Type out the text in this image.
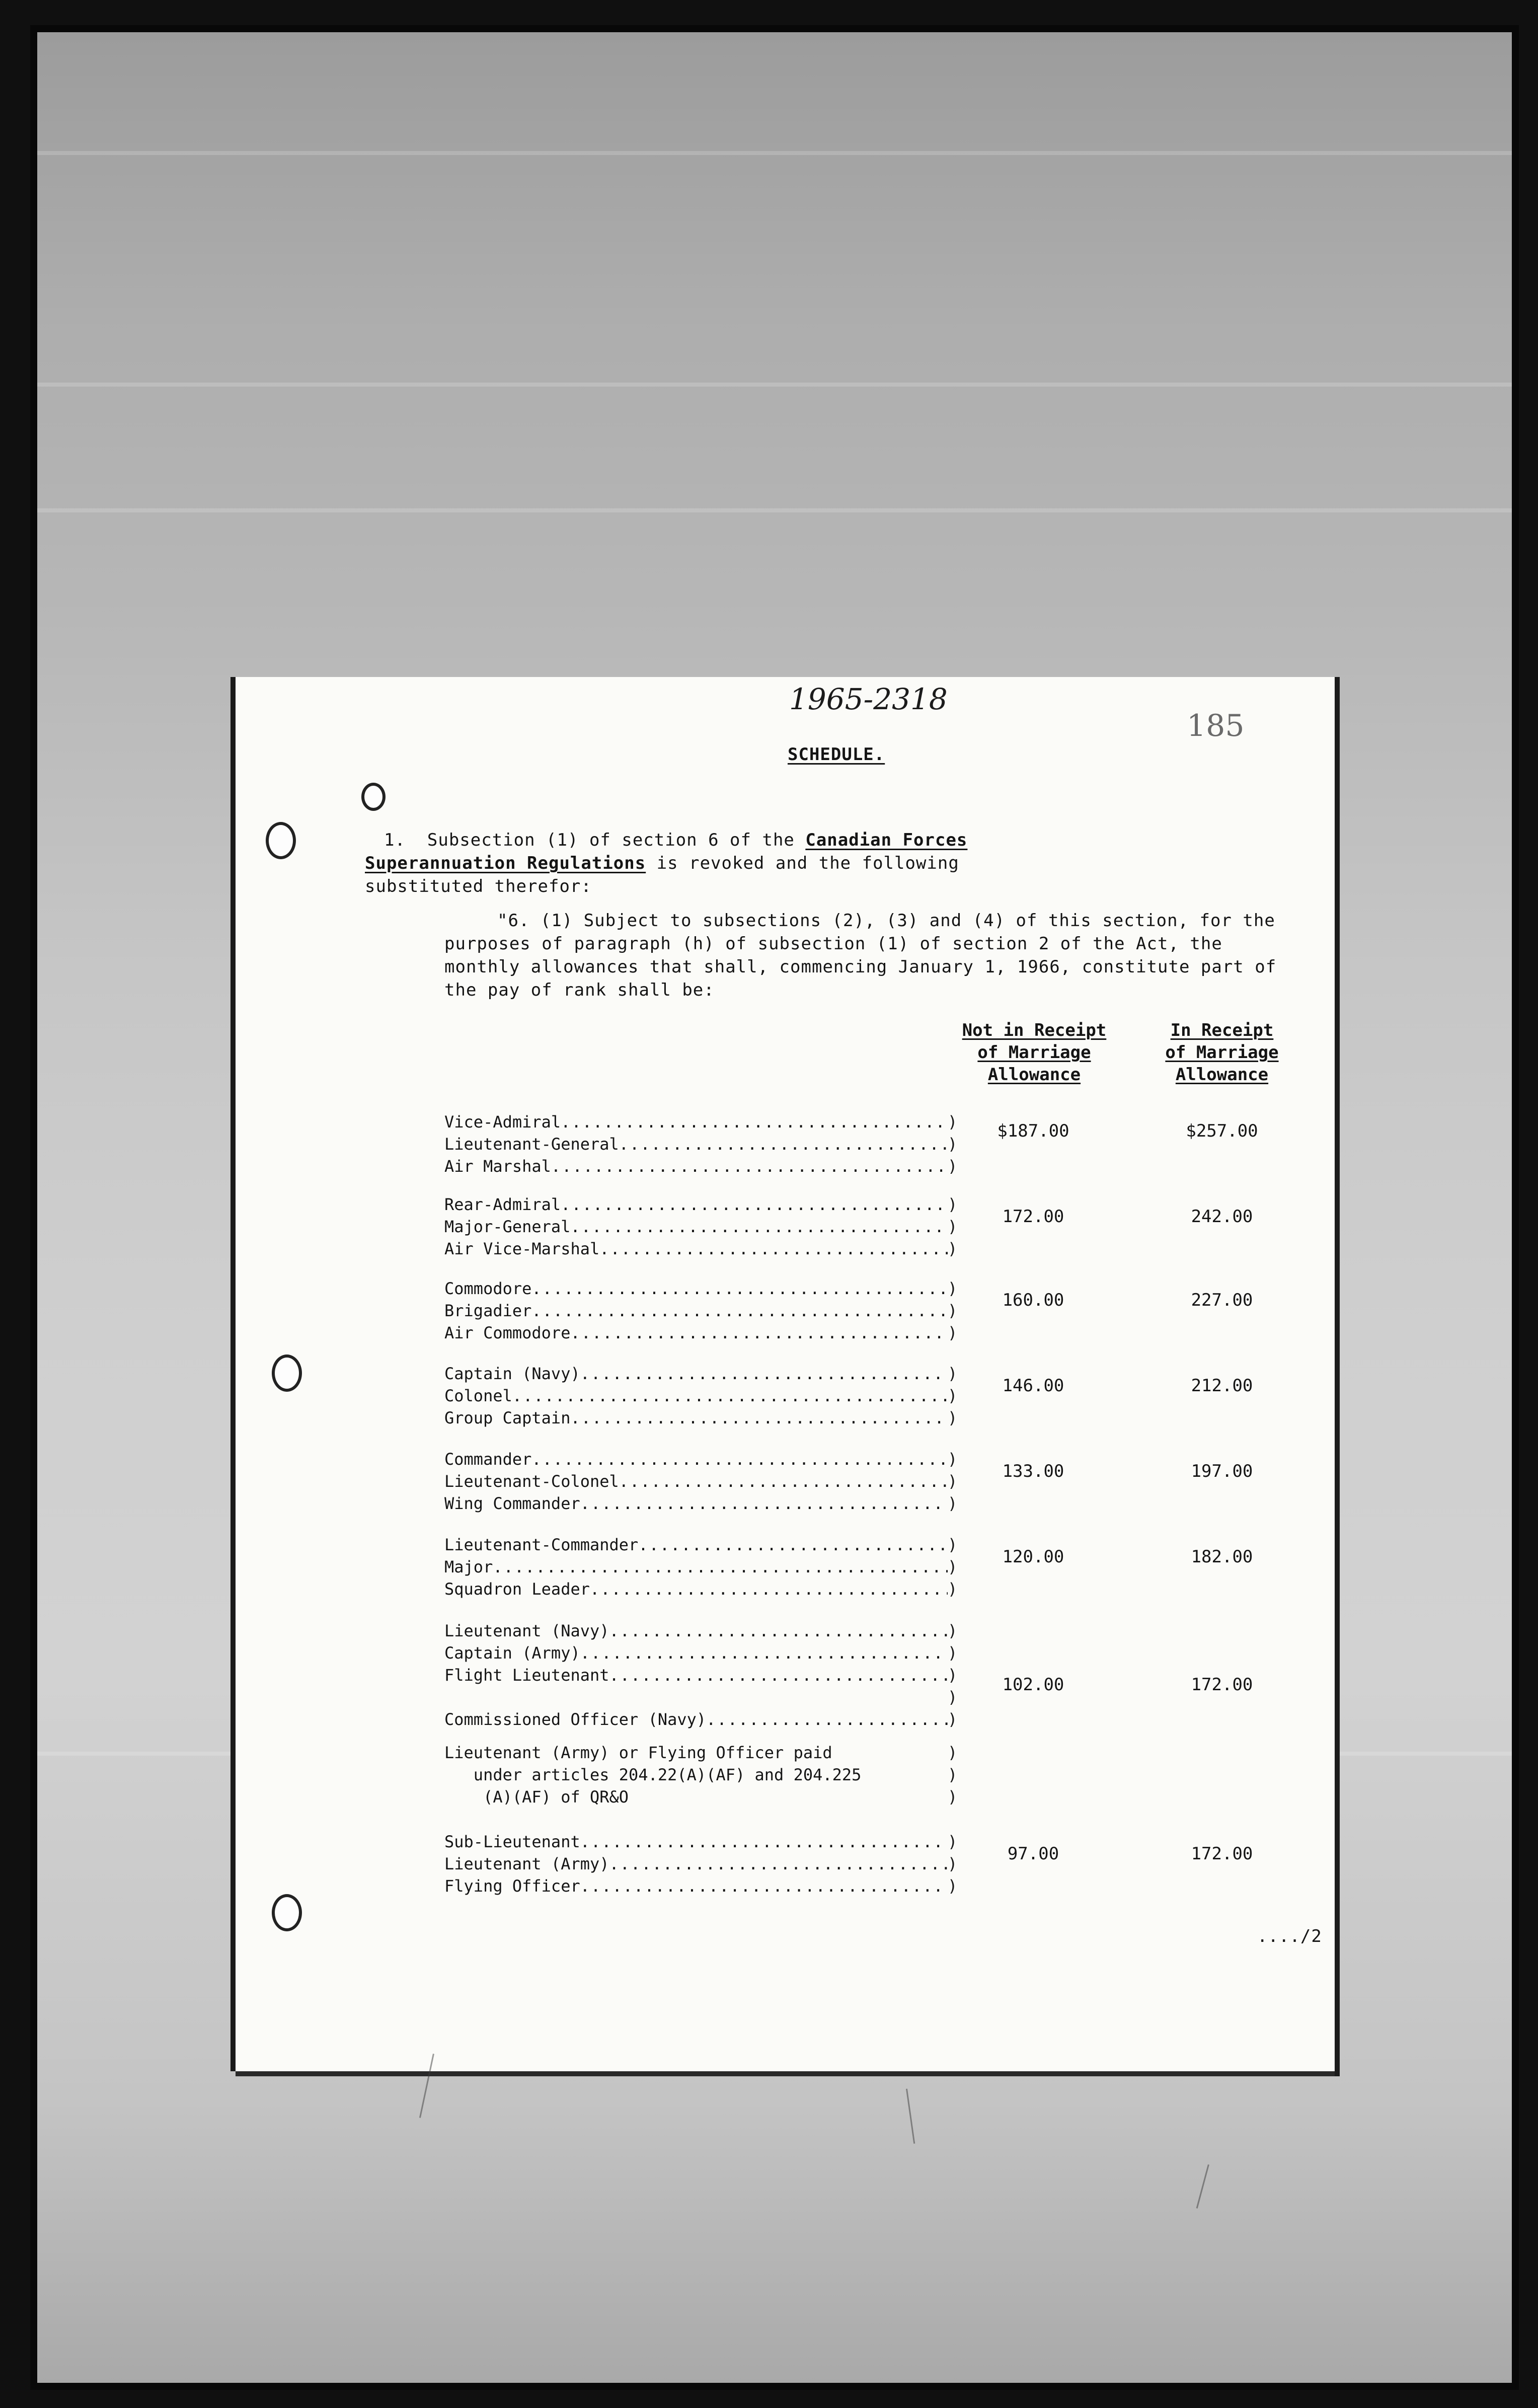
1965-2318
185
SCHEDULE.
1. Subsection (1) of section 6 of the Canadian Forces
Superannuation Regulations is revoked and the following
substituted therefor:
"6. (1) Subject to subsections (2), (3) and (4) of this section, for the
purposes of paragraph (h) of subsection (1) of section 2 of the Act, the
monthly allowances that shall, commencing January 1, 1966, constitute part of
the pay of rank shall be:
Not in Receipt
of Marriage
Allowance
In Receipt
of Marriage
Allowance
Vice-Admiral .....	)
Lieutenant-General .....	)
Air Marshal .....	)
$187.00	$257.00
Rear-Admiral .....	)
Major-General .....	)
Air Vice-Marshal .....	)
172.00	242.00
Commodore .....	)
Brigadier .....	)
Air Commodore .....	)
160.00	227.00
Captain (Navy) .....	)
Colonel .....	)
Group Captain .....	)
146.00	212.00
Commander .....	)
Lieutenant-Colonel .....	)
Wing Commander .....	)
133.00	197.00
Lieutenant-Commander .....	)
Major .....	)
Squadron Leader .....	)
120.00	182.00
Lieutenant (Navy) .....	)
Captain (Army) .....	)
Flight Lieutenant .....	)
)
Commissioned Officer (Navy) .....	)
Lieutenant (Army) or Flying Officer paid	)

under articles 204.22(A)(AF) and 204.225	)

(A)(AF) of QR&O	)
102.00	172.00
Sub-Lieutenant .....	)
Lieutenant (Army) .....	)
Flying Officer .....	)
97.00	172.00
..../2
